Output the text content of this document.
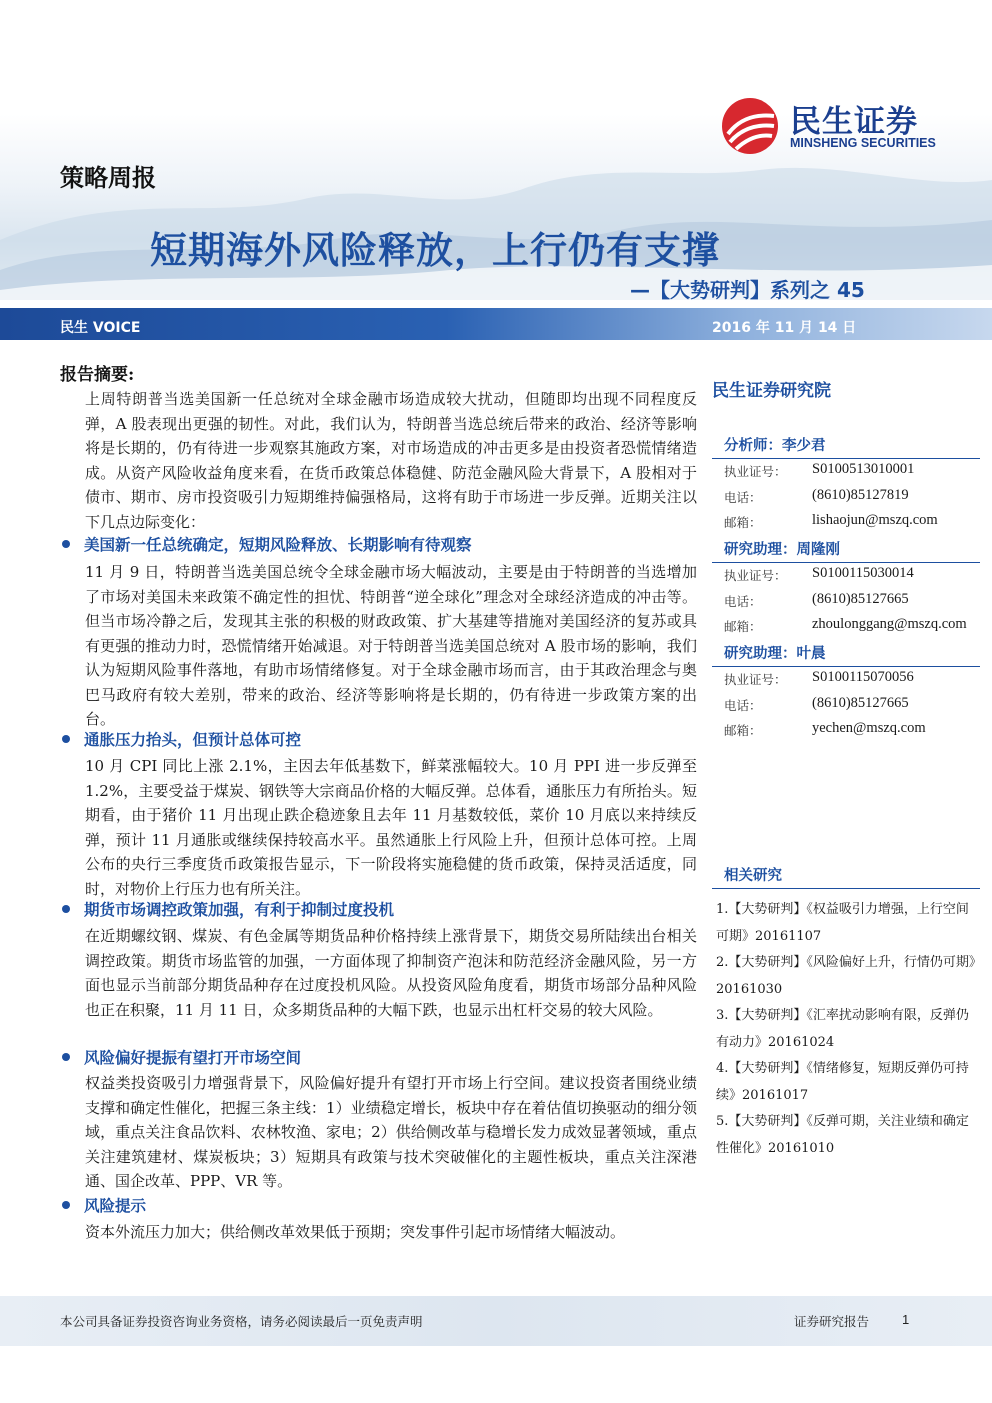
民生证券
MINSHENG SECURITIES
策略周报
短期海外风险释放，上行仍有支撑
—【大势研判】系列之 45
民生 VOICE	2016 年 11 月 14 日
报告摘要:

上周特朗普当选美国新一任总统对全球金融市场造成较大扰动，但随即均出现不同程度反弹，A 股表现出更强的韧性。对此，我们认为，特朗普当选总统后带来的政治、经济等影响将是长期的，仍有待进一步观察其施政方案，对市场造成的冲击更多是由投资者恐慌情绪造成。从资产风险收益角度来看，在货币政策总体稳健、防范金融风险大背景下，A 股相对于债市、期市、房市投资吸引力短期维持偏强格局，这将有助于市场进一步反弹。近期关注以下几点边际变化：

美国新一任总统确定，短期风险释放、长期影响有待观察

11 月 9 日，特朗普当选美国总统令全球金融市场大幅波动，主要是由于特朗普的当选增加了市场对美国未来政策不确定性的担忧、特朗普“逆全球化”理念对全球经济造成的冲击等。但当市场冷静之后，发现其主张的积极的财政政策、扩大基建等措施对美国经济的复苏或具有更强的推动力时，恐慌情绪开始减退。对于特朗普当选美国总统对 A 股市场的影响，我们认为短期风险事件落地，有助市场情绪修复。对于全球金融市场而言，由于其政治理念与奥巴马政府有较大差别，带来的政治、经济等影响将是长期的，仍有待进一步政策方案的出台。

通胀压力抬头，但预计总体可控

10 月 CPI 同比上涨 2.1%，主因去年低基数下，鲜菜涨幅较大。10 月 PPI 进一步反弹至 1.2%，主要受益于煤炭、钢铁等大宗商品价格的大幅反弹。总体看，通胀压力有所抬头。短期看，由于猪价 11 月出现止跌企稳迹象且去年 11 月基数较低，菜价 10 月底以来持续反弹，预计 11 月通胀或继续保持较高水平。虽然通胀上行风险上升，但预计总体可控。上周公布的央行三季度货币政策报告显示，下一阶段将实施稳健的货币政策，保持灵活适度，同时，对物价上行压力也有所关注。

期货市场调控政策加强，有利于抑制过度投机

在近期螺纹钢、煤炭、有色金属等期货品种价格持续上涨背景下，期货交易所陆续出台相关调控政策。期货市场监管的加强，一方面体现了抑制资产泡沫和防范经济金融风险，另一方面也显示当前部分期货品种存在过度投机风险。从投资风险角度看，期货市场部分品种风险也正在积聚，11 月 11 日，众多期货品种的大幅下跌，也显示出杠杆交易的较大风险。

风险偏好提振有望打开市场空间

权益类投资吸引力增强背景下，风险偏好提升有望打开市场上行空间。建议投资者围绕业绩支撑和确定性催化，把握三条主线：1）业绩稳定增长，板块中存在着估值切换驱动的细分领域，重点关注食品饮料、农林牧渔、家电；2）供给侧改革与稳增长发力成效显著领域，重点关注建筑建材、煤炭板块；3）短期具有政策与技术突破催化的主题性板块，重点关注深港通、国企改革、PPP、VR 等。

风险提示

资本外流压力加大；供给侧改革效果低于预期；突发事件引起市场情绪大幅波动。

民生证券研究院
分析师：李少君
执业证号： S0100513010001
电话：	(8610)85127819
邮箱：	lishaojun@mszq.com
研究助理：周隆刚
执业证号： S0100115030014
电话：	(8610)85127665
邮箱：	zhoulonggang@mszq.com
研究助理：叶晨
执业证号： S0100115070056
电话：	(8610)85127665
邮箱：	yechen@mszq.com
相关研究
1.【大势研判】《权益吸引力增强，上行空间可期》20161107
2.【大势研判】《风险偏好上升，行情仍可期》20161030
3.【大势研判】《汇率扰动影响有限，反弹仍有动力》20161024
4.【大势研判】《情绪修复，短期反弹仍可持续》20161017
5.【大势研判】《反弹可期，关注业绩和确定性催化》20161010
本公司具备证券投资咨询业务资格，请务必阅读最后一页免责声明	证券研究报告	1
